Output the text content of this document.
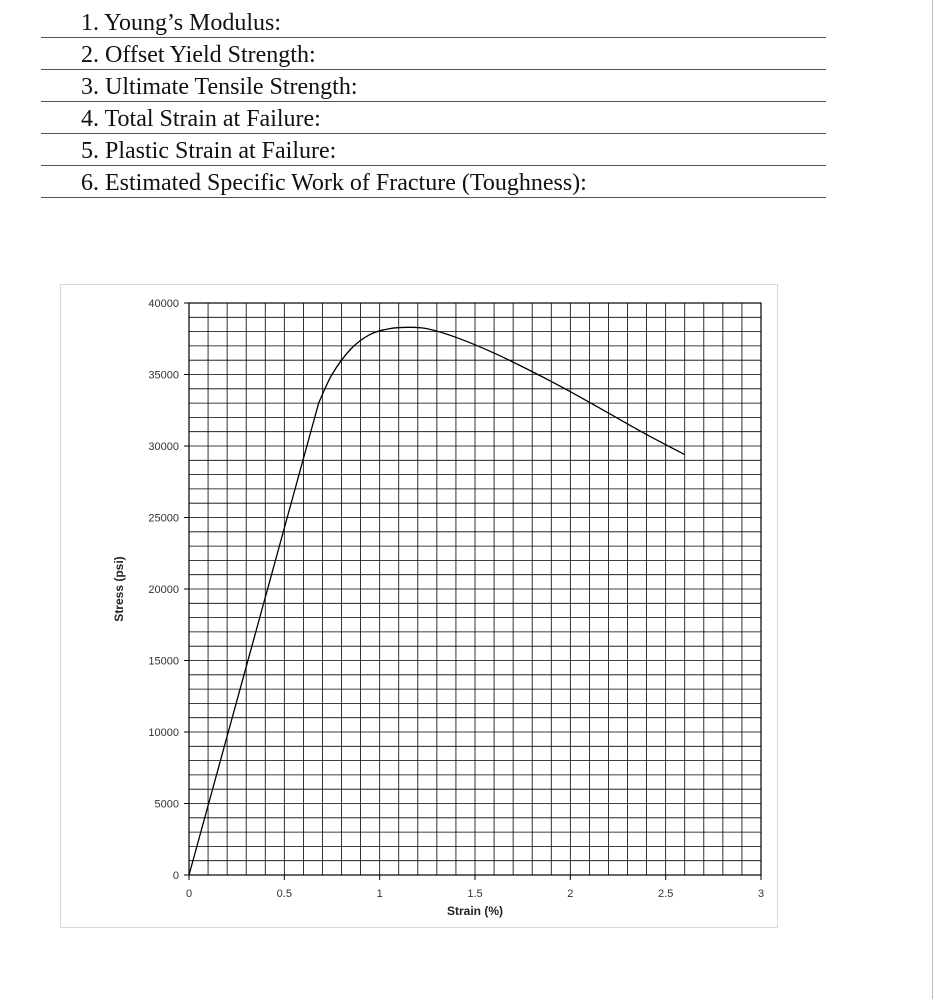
1. Young’s Modulus:
2. Offset Yield Strength:
3. Ultimate Tensile Strength:
4. Total Strain at Failure:
5. Plastic Strain at Failure:
6. Estimated Specific Work of Fracture (Toughness):
0	0.5	1	1.5	2	2.5	3
0
5000
10000
15000
20000
25000
30000
35000
40000
Strain (%)
Stress (psi)
